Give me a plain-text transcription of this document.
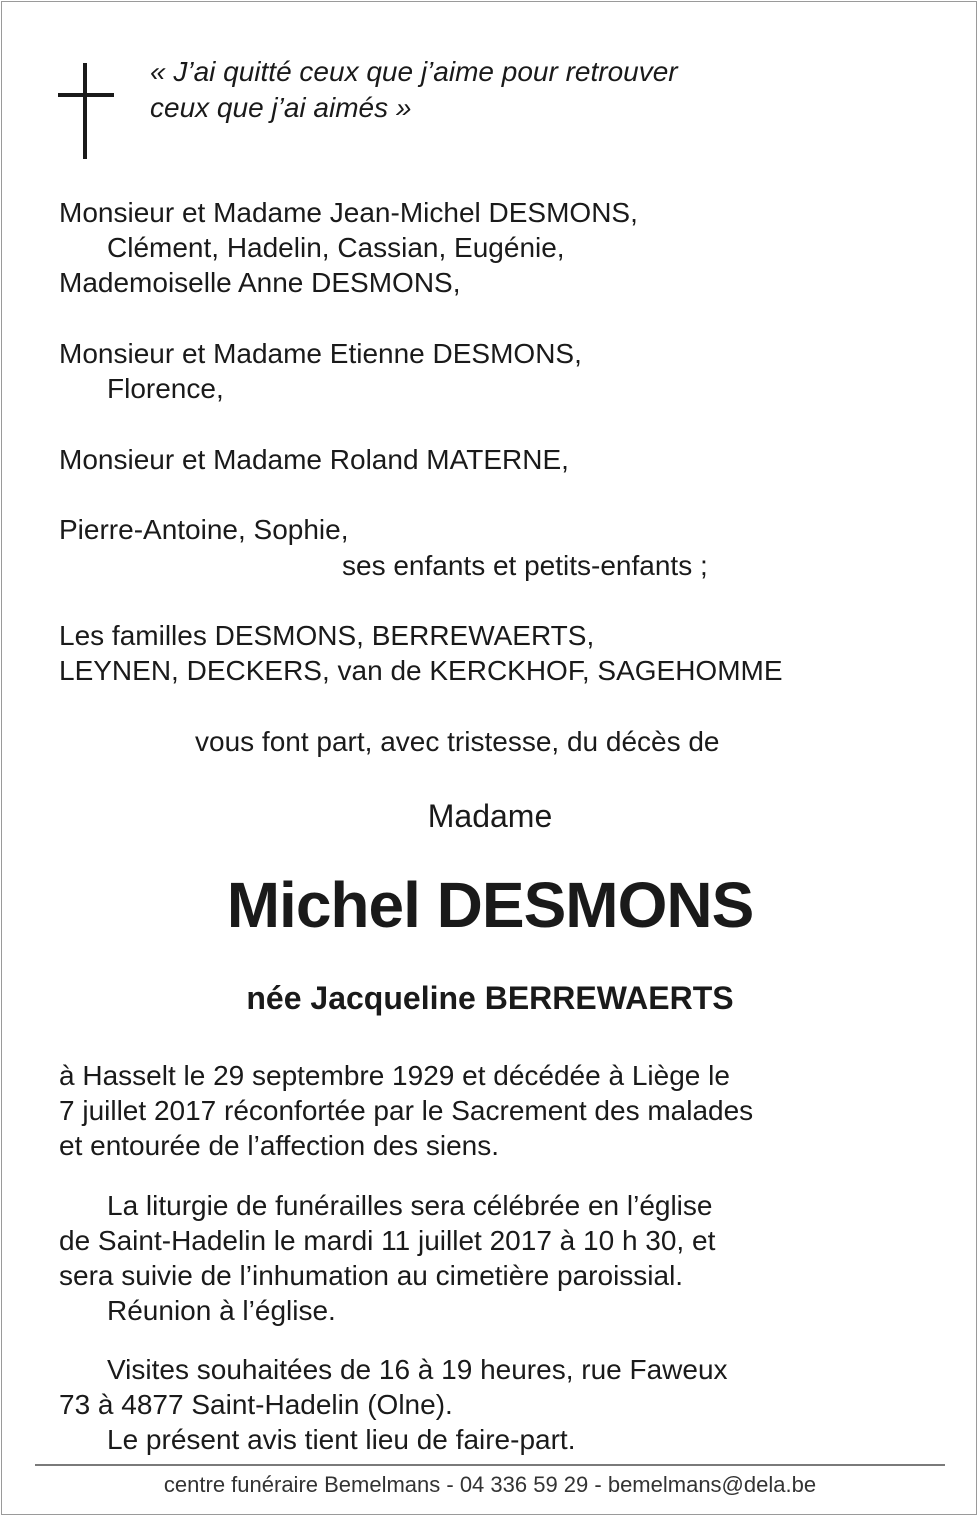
« J’ai quitté ceux que j’aime pour retrouver
ceux que j’ai aimés »
Monsieur et Madame Jean-Michel DESMONS,
Clément, Hadelin, Cassian, Eugénie,
Mademoiselle Anne DESMONS,
Monsieur et Madame Etienne DESMONS,
Florence,
Monsieur et Madame Roland MATERNE,
Pierre-Antoine, Sophie,
ses enfants et petits-enfants ;
Les familles DESMONS, BERREWAERTS,
LEYNEN, DECKERS, van de KERCKHOF, SAGEHOMME
vous font part, avec tristesse, du décès de
Madame
Michel DESMONS
née Jacqueline BERREWAERTS
à Hasselt le 29 septembre 1929 et décédée à Liège le
7 juillet 2017 réconfortée par le Sacrement des malades
et entourée de l’affection des siens.
La liturgie de funérailles sera célébrée en l’église
de Saint-Hadelin le mardi 11 juillet 2017 à 10 h 30, et
sera suivie de l’inhumation au cimetière paroissial.
Réunion à l’église.
Visites souhaitées de 16 à 19 heures, rue Faweux
73 à 4877 Saint-Hadelin (Olne).
Le présent avis tient lieu de faire-part.
centre funéraire Bemelmans - 04 336 59 29 - bemelmans@dela.be
